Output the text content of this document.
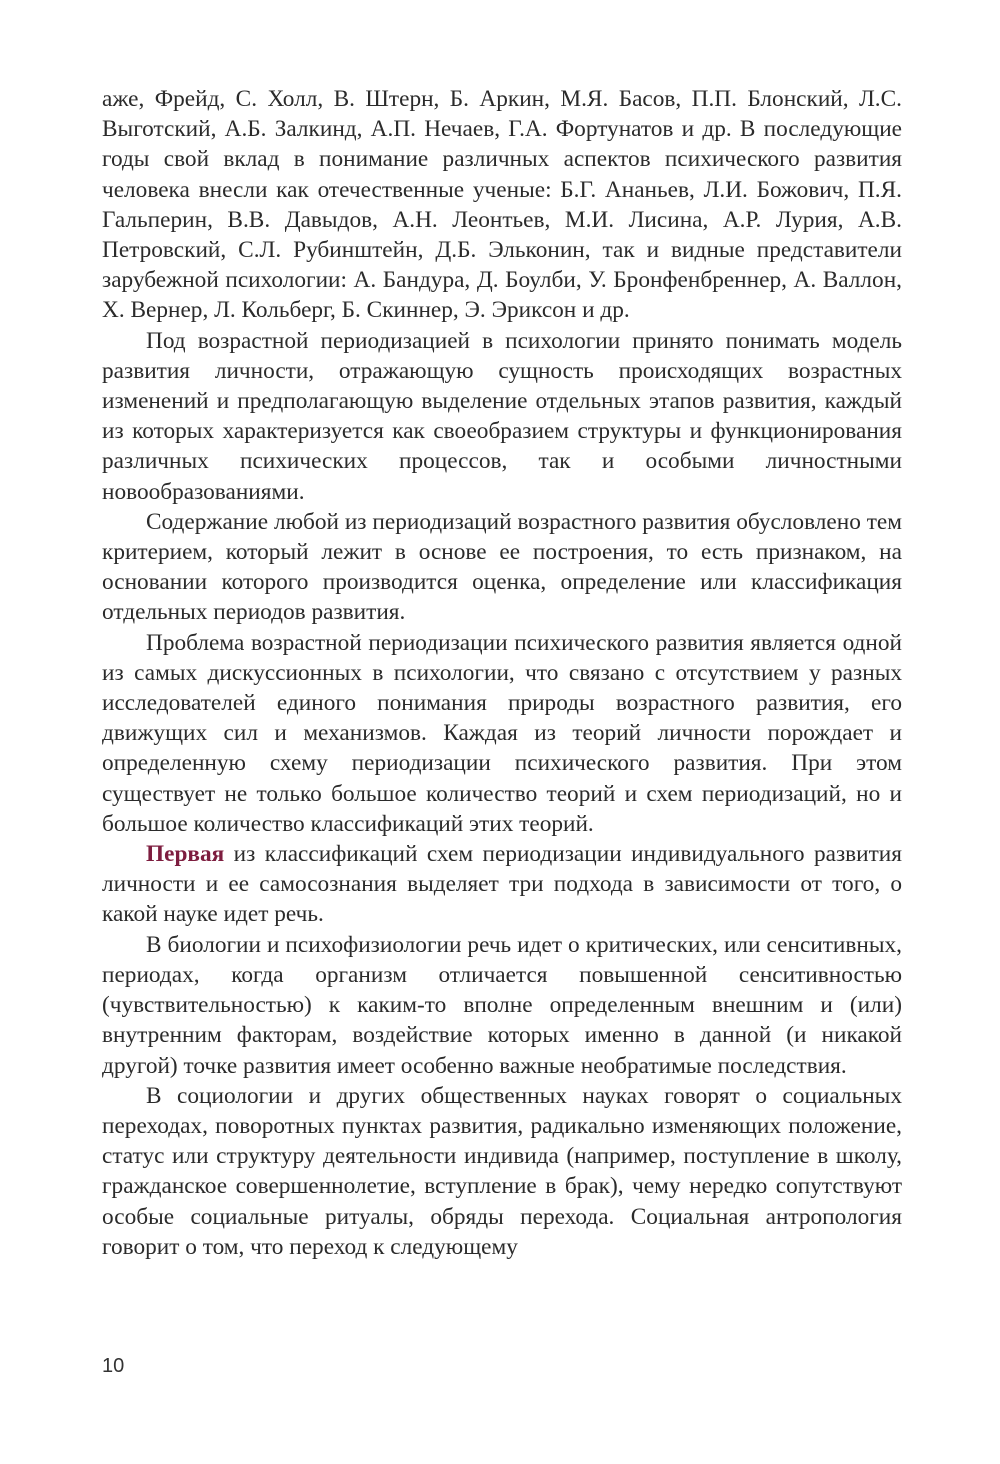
аже, Фрейд, С. Холл, В. Штерн, Б. Аркин, М.Я. Басов, П.П. Блонский, Л.С. Выготский, А.Б. Залкинд, А.П. Нечаев, Г.А. Фортунатов и др. В последующие годы свой вклад в понимание различных аспектов психического развития человека внесли как отечественные ученые: Б.Г. Ананьев, Л.И. Божович, П.Я. Гальперин, В.В. Давыдов, А.Н. Леонтьев, М.И. Лисина, А.Р. Лурия, А.В. Петровский, С.Л. Рубинштейн, Д.Б. Эльконин, так и видные представители зарубежной психологии: А. Бандура, Д. Боулби, У. Бронфенбреннер, А. Валлон, Х. Вернер, Л. Кольберг, Б. Скиннер, Э. Эриксон и др.

Под возрастной периодизацией в психологии принято понимать модель развития личности, отражающую сущность происходящих возрастных изменений и предполагающую выделение отдельных этапов развития, каждый из которых характеризуется как своеобразием структуры и функционирования различных психических процессов, так и особыми личностными новообразованиями.

Содержание любой из периодизаций возрастного развития обусловлено тем критерием, который лежит в основе ее построения, то есть признаком, на основании которого производится оценка, определение или классификация отдельных периодов развития.

Проблема возрастной периодизации психического развития является одной из самых дискуссионных в психологии, что связано с отсутствием у разных исследователей единого понимания природы возрастного развития, его движущих сил и механизмов. Каждая из теорий личности порождает и определенную схему периодизации психического развития. При этом существует не только большое количество теорий и схем периодизаций, но и большое количество классификаций этих теорий.

Первая из классификаций схем периодизации индивидуального развития личности и ее самосознания выделяет три подхода в зависимости от того, о какой науке идет речь.

В биологии и психофизиологии речь идет о критических, или сенситивных, периодах, когда организм отличается повышенной сенситивностью (чувствительностью) к каким-то вполне определенным внешним и (или) внутренним факторам, воздействие которых именно в данной (и никакой другой) точке развития имеет особенно важные необратимые последствия.

В социологии и других общественных науках говорят о социальных переходах, поворотных пунктах развития, радикально изменяющих положение, статус или структуру деятельности индивида (например, поступление в школу, гражданское совершеннолетие, вступление в брак), чему нередко сопутствуют особые социальные ритуалы, обряды перехода. Социальная антропология говорит о том, что переход к следующему

10
